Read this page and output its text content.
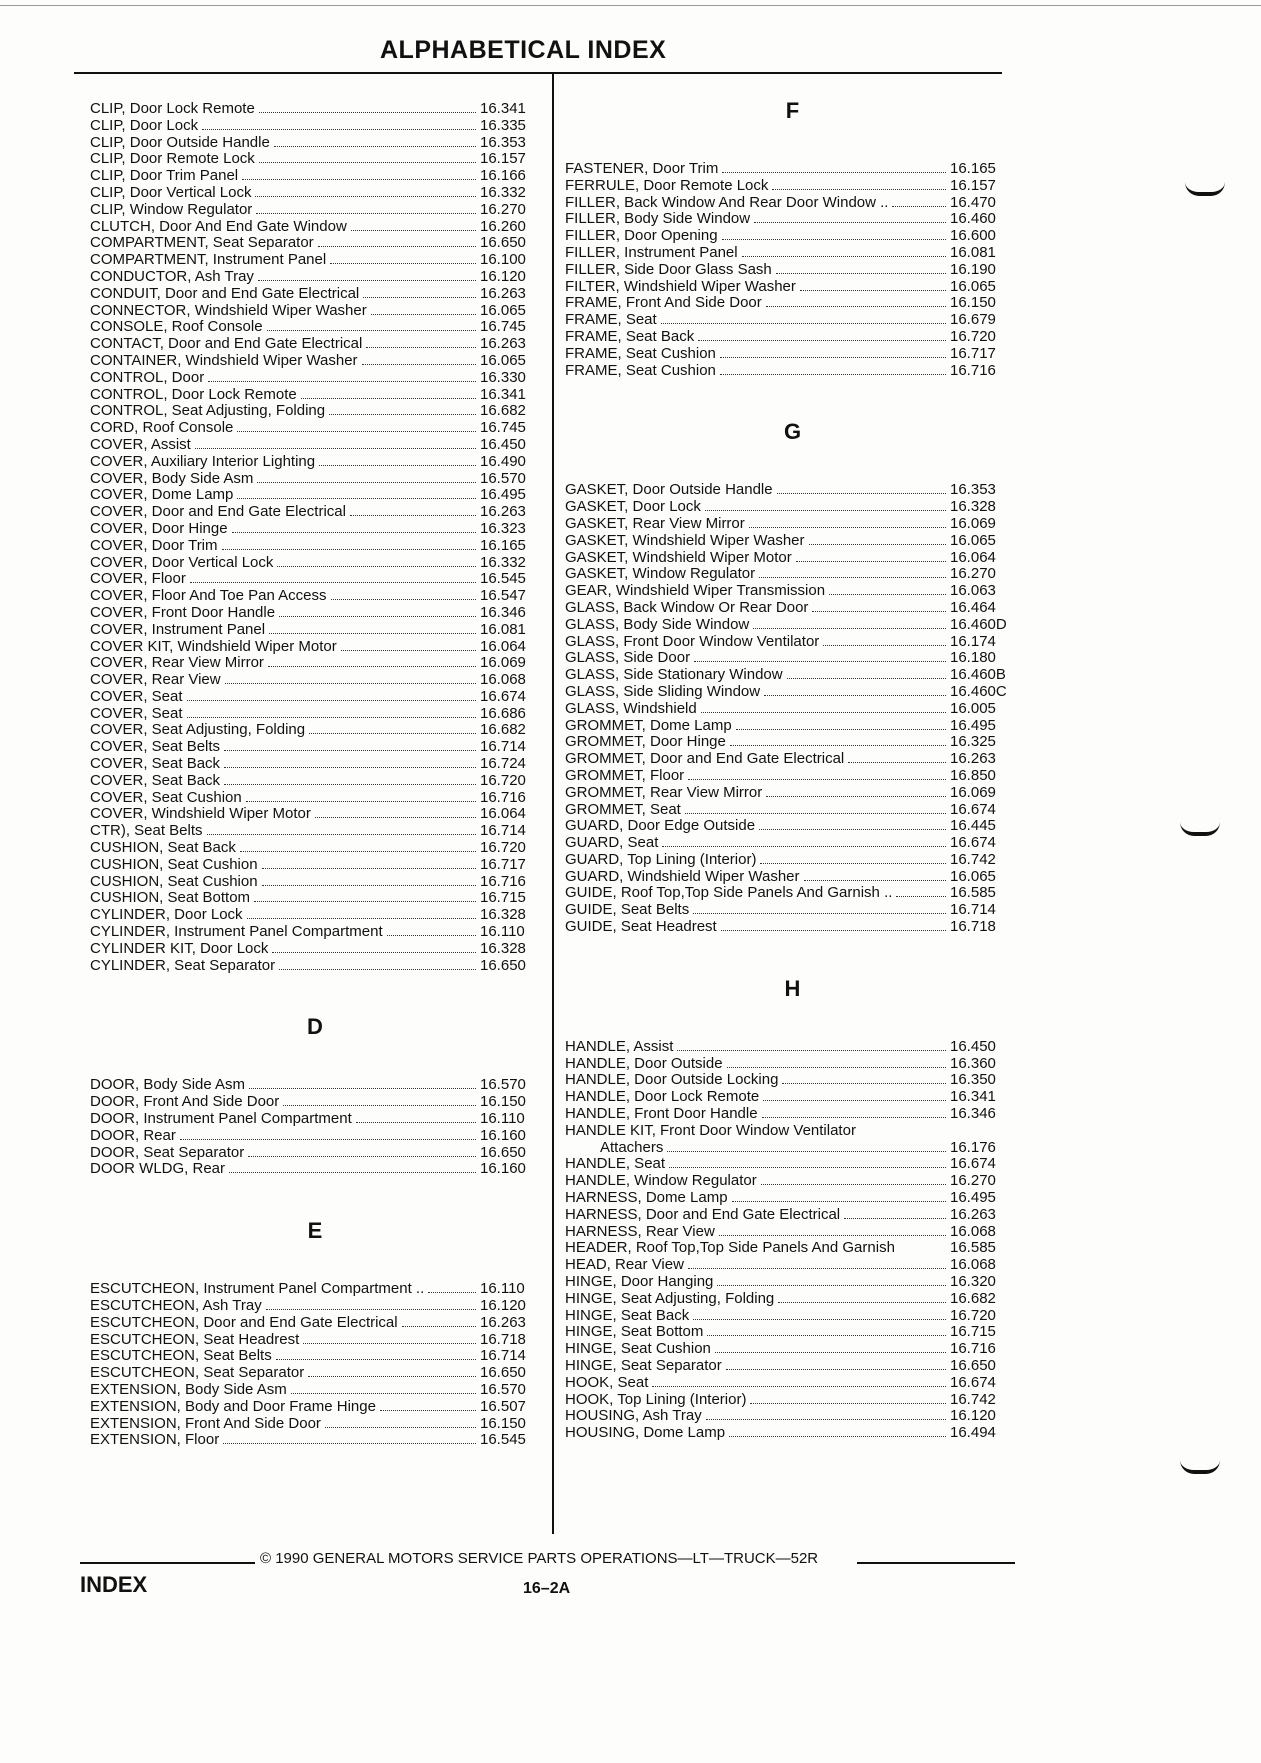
ALPHABETICAL INDEX
CLIP, Door Lock Remote	16.341
CLIP, Door Lock	16.335
CLIP, Door Outside Handle	16.353
CLIP, Door Remote Lock	16.157
CLIP, Door Trim Panel	16.166
CLIP, Door Vertical Lock	16.332
CLIP, Window Regulator	16.270
CLUTCH, Door And End Gate Window	16.260
COMPARTMENT, Seat Separator	16.650
COMPARTMENT, Instrument Panel	16.100
CONDUCTOR, Ash Tray	16.120
CONDUIT, Door and End Gate Electrical	16.263
CONNECTOR, Windshield Wiper Washer	16.065
CONSOLE, Roof Console	16.745
CONTACT, Door and End Gate Electrical	16.263
CONTAINER, Windshield Wiper Washer	16.065
CONTROL, Door	16.330
CONTROL, Door Lock Remote	16.341
CONTROL, Seat Adjusting, Folding	16.682
CORD, Roof Console	16.745
COVER, Assist	16.450
COVER, Auxiliary Interior Lighting	16.490
COVER, Body Side Asm	16.570
COVER, Dome Lamp	16.495
COVER, Door and End Gate Electrical	16.263
COVER, Door Hinge	16.323
COVER, Door Trim	16.165
COVER, Door Vertical Lock	16.332
COVER, Floor	16.545
COVER, Floor And Toe Pan Access	16.547
COVER, Front Door Handle	16.346
COVER, Instrument Panel	16.081
COVER KIT, Windshield Wiper Motor	16.064
COVER, Rear View Mirror	16.069
COVER, Rear View	16.068
COVER, Seat	16.674
COVER, Seat	16.686
COVER, Seat Adjusting, Folding	16.682
COVER, Seat Belts	16.714
COVER, Seat Back	16.724
COVER, Seat Back	16.720
COVER, Seat Cushion	16.716
COVER, Windshield Wiper Motor	16.064
CTR), Seat Belts	16.714
CUSHION, Seat Back	16.720
CUSHION, Seat Cushion	16.717
CUSHION, Seat Cushion	16.716
CUSHION, Seat Bottom	16.715
CYLINDER, Door Lock	16.328
CYLINDER, Instrument Panel Compartment	16.110
CYLINDER KIT, Door Lock	16.328
CYLINDER, Seat Separator	16.650
D
DOOR, Body Side Asm	16.570
DOOR, Front And Side Door	16.150
DOOR, Instrument Panel Compartment	16.110
DOOR, Rear	16.160
DOOR, Seat Separator	16.650
DOOR WLDG, Rear	16.160
E
ESCUTCHEON, Instrument Panel Compartment ..	16.110
ESCUTCHEON, Ash Tray	16.120
ESCUTCHEON, Door and End Gate Electrical	16.263
ESCUTCHEON, Seat Headrest	16.718
ESCUTCHEON, Seat Belts	16.714
ESCUTCHEON, Seat Separator	16.650
EXTENSION, Body Side Asm	16.570
EXTENSION, Body and Door Frame Hinge	16.507
EXTENSION, Front And Side Door	16.150
EXTENSION, Floor	16.545
F
FASTENER, Door Trim	16.165
FERRULE, Door Remote Lock	16.157
FILLER, Back Window And Rear Door Window ..	16.470
FILLER, Body Side Window	16.460
FILLER, Door Opening	16.600
FILLER, Instrument Panel	16.081
FILLER, Side Door Glass Sash	16.190
FILTER, Windshield Wiper Washer	16.065
FRAME, Front And Side Door	16.150
FRAME, Seat	16.679
FRAME, Seat Back	16.720
FRAME, Seat Cushion	16.717
FRAME, Seat Cushion	16.716
G
GASKET, Door Outside Handle	16.353
GASKET, Door Lock	16.328
GASKET, Rear View Mirror	16.069
GASKET, Windshield Wiper Washer	16.065
GASKET, Windshield Wiper Motor	16.064
GASKET, Window Regulator	16.270
GEAR, Windshield Wiper Transmission	16.063
GLASS, Back Window Or Rear Door	16.464
GLASS, Body Side Window	16.460D
GLASS, Front Door Window Ventilator	16.174
GLASS, Side Door	16.180
GLASS, Side Stationary Window	16.460B
GLASS, Side Sliding Window	16.460C
GLASS, Windshield	16.005
GROMMET, Dome Lamp	16.495
GROMMET, Door Hinge	16.325
GROMMET, Door and End Gate Electrical	16.263
GROMMET, Floor	16.850
GROMMET, Rear View Mirror	16.069
GROMMET, Seat	16.674
GUARD, Door Edge Outside	16.445
GUARD, Seat	16.674
GUARD, Top Lining (Interior)	16.742
GUARD, Windshield Wiper Washer	16.065
GUIDE, Roof Top,Top Side Panels And Garnish ..	16.585
GUIDE, Seat Belts	16.714
GUIDE, Seat Headrest	16.718
H
HANDLE, Assist	16.450
HANDLE, Door Outside	16.360
HANDLE, Door Outside Locking	16.350
HANDLE, Door Lock Remote	16.341
HANDLE, Front Door Handle	16.346
HANDLE KIT, Front Door Window Ventilator
Attachers	16.176
HANDLE, Seat	16.674
HANDLE, Window Regulator	16.270
HARNESS, Dome Lamp	16.495
HARNESS, Door and End Gate Electrical	16.263
HARNESS, Rear View	16.068
HEADER, Roof Top,Top Side Panels And Garnish	16.585
HEAD, Rear View	16.068
HINGE, Door Hanging	16.320
HINGE, Seat Adjusting, Folding	16.682
HINGE, Seat Back	16.720
HINGE, Seat Bottom	16.715
HINGE, Seat Cushion	16.716
HINGE, Seat Separator	16.650
HOOK, Seat	16.674
HOOK, Top Lining (Interior)	16.742
HOUSING, Ash Tray	16.120
HOUSING, Dome Lamp	16.494
© 1990 GENERAL MOTORS SERVICE PARTS OPERATIONS—LT—TRUCK—52R
INDEX	16–2A
